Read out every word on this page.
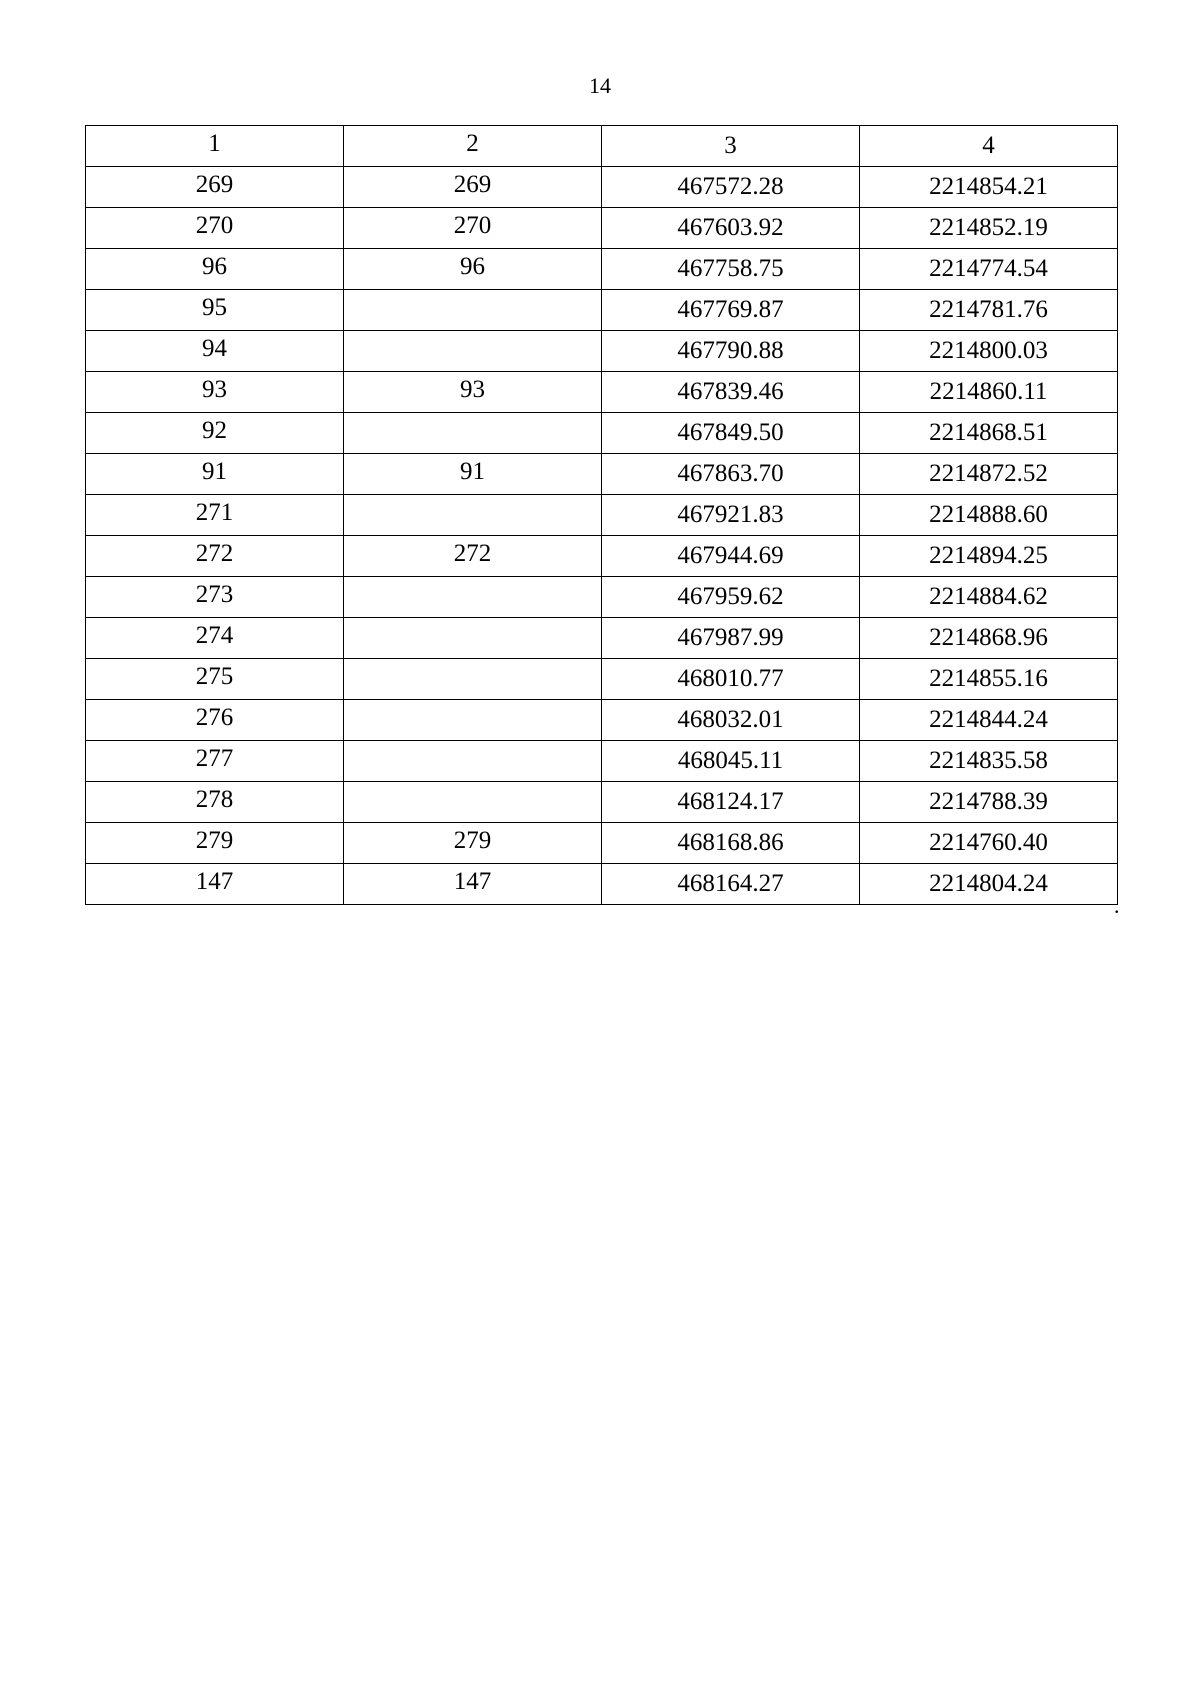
14
1	2	3	4
269	269	467572.28	2214854.21
270	270	467603.92	2214852.19
96	96	467758.75	2214774.54
95		467769.87	2214781.76
94		467790.88	2214800.03
93	93	467839.46	2214860.11
92		467849.50	2214868.51
91	91	467863.70	2214872.52
271		467921.83	2214888.60
272	272	467944.69	2214894.25
273		467959.62	2214884.62
274		467987.99	2214868.96
275		468010.77	2214855.16
276		468032.01	2214844.24
277		468045.11	2214835.58
278		468124.17	2214788.39
279	279	468168.86	2214760.40
147	147	468164.27	2214804.24
.
